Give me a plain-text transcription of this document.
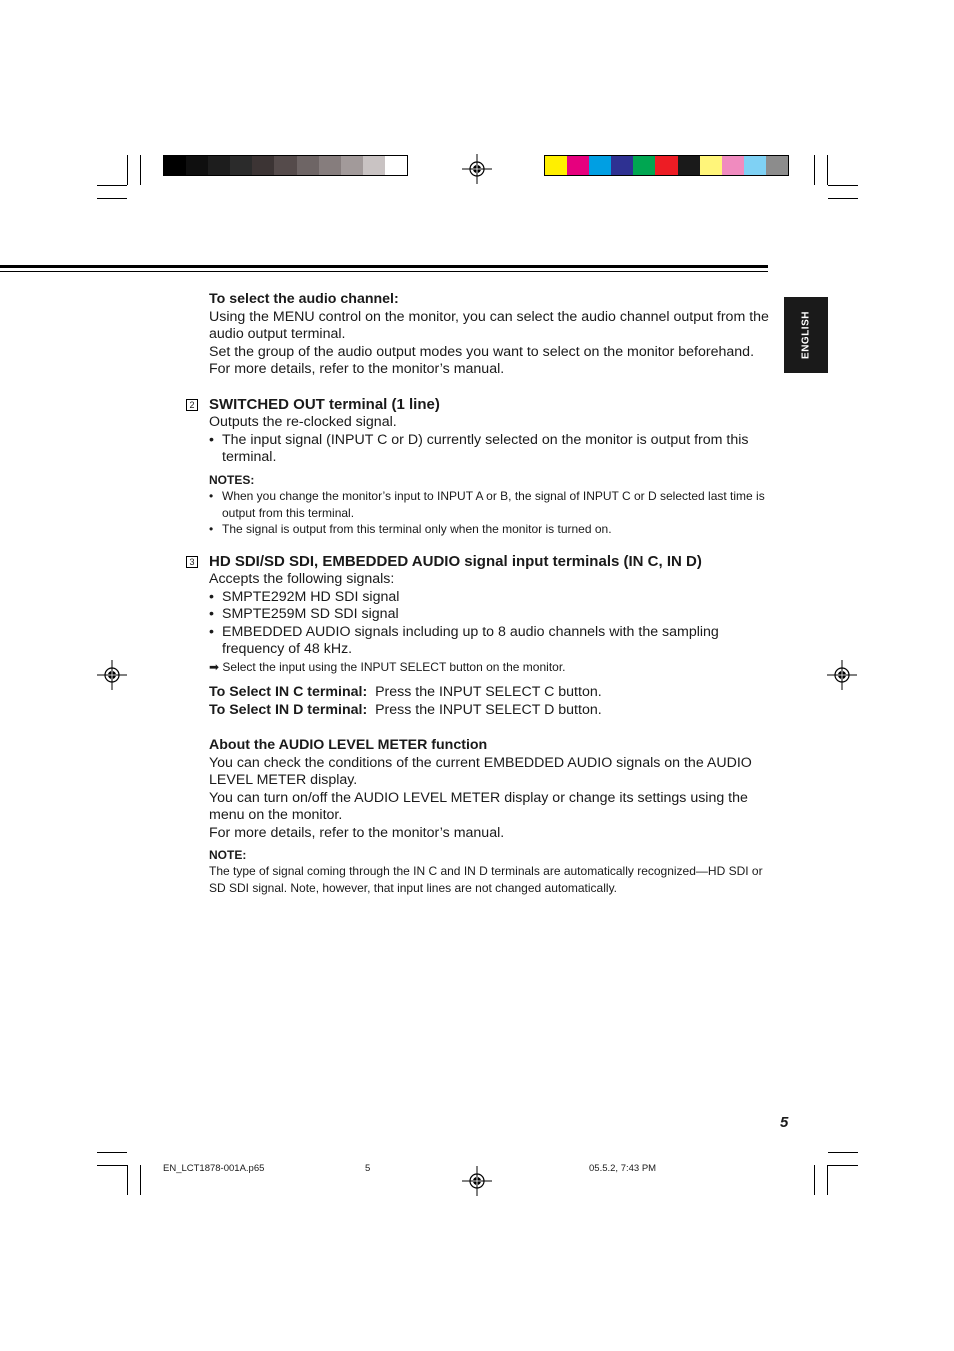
ENGLISH
To select the audio channel:
Using the MENU control on the monitor, you can select the audio channel output from the audio output terminal.
Set the group of the audio output modes you want to select on the monitor beforehand. For more details, refer to the monitor’s manual.
2 SWITCHED OUT terminal (1 line)
Outputs the re-clocked signal.
• The input signal (INPUT C or D) currently selected on the monitor is output from this terminal.
NOTES:
• When you change the monitor’s input to INPUT A or B, the signal of INPUT C or D selected last time is output from this terminal.
• The signal is output from this terminal only when the monitor is turned on.
3 HD SDI/SD SDI, EMBEDDED AUDIO signal input terminals (IN C, IN D)
Accepts the following signals:
• SMPTE292M HD SDI signal
• SMPTE259M SD SDI signal
• EMBEDDED AUDIO signals including up to 8 audio channels with the sampling frequency of 48 kHz.
➡ Select the input using the INPUT SELECT button on the monitor.
To Select IN C terminal: Press the INPUT SELECT C button.
To Select IN D terminal: Press the INPUT SELECT D button.
About the AUDIO LEVEL METER function
You can check the conditions of the current EMBEDDED AUDIO signals on the AUDIO LEVEL METER display.
You can turn on/off the AUDIO LEVEL METER display or change its settings using the menu on the monitor.
For more details, refer to the monitor’s manual.
NOTE:
The type of signal coming through the IN C and IN D terminals are automatically recognized—HD SDI or SD SDI signal. Note, however, that input lines are not changed automatically.
5
EN_LCT1878-001A.p65	5	05.5.2, 7:43 PM
